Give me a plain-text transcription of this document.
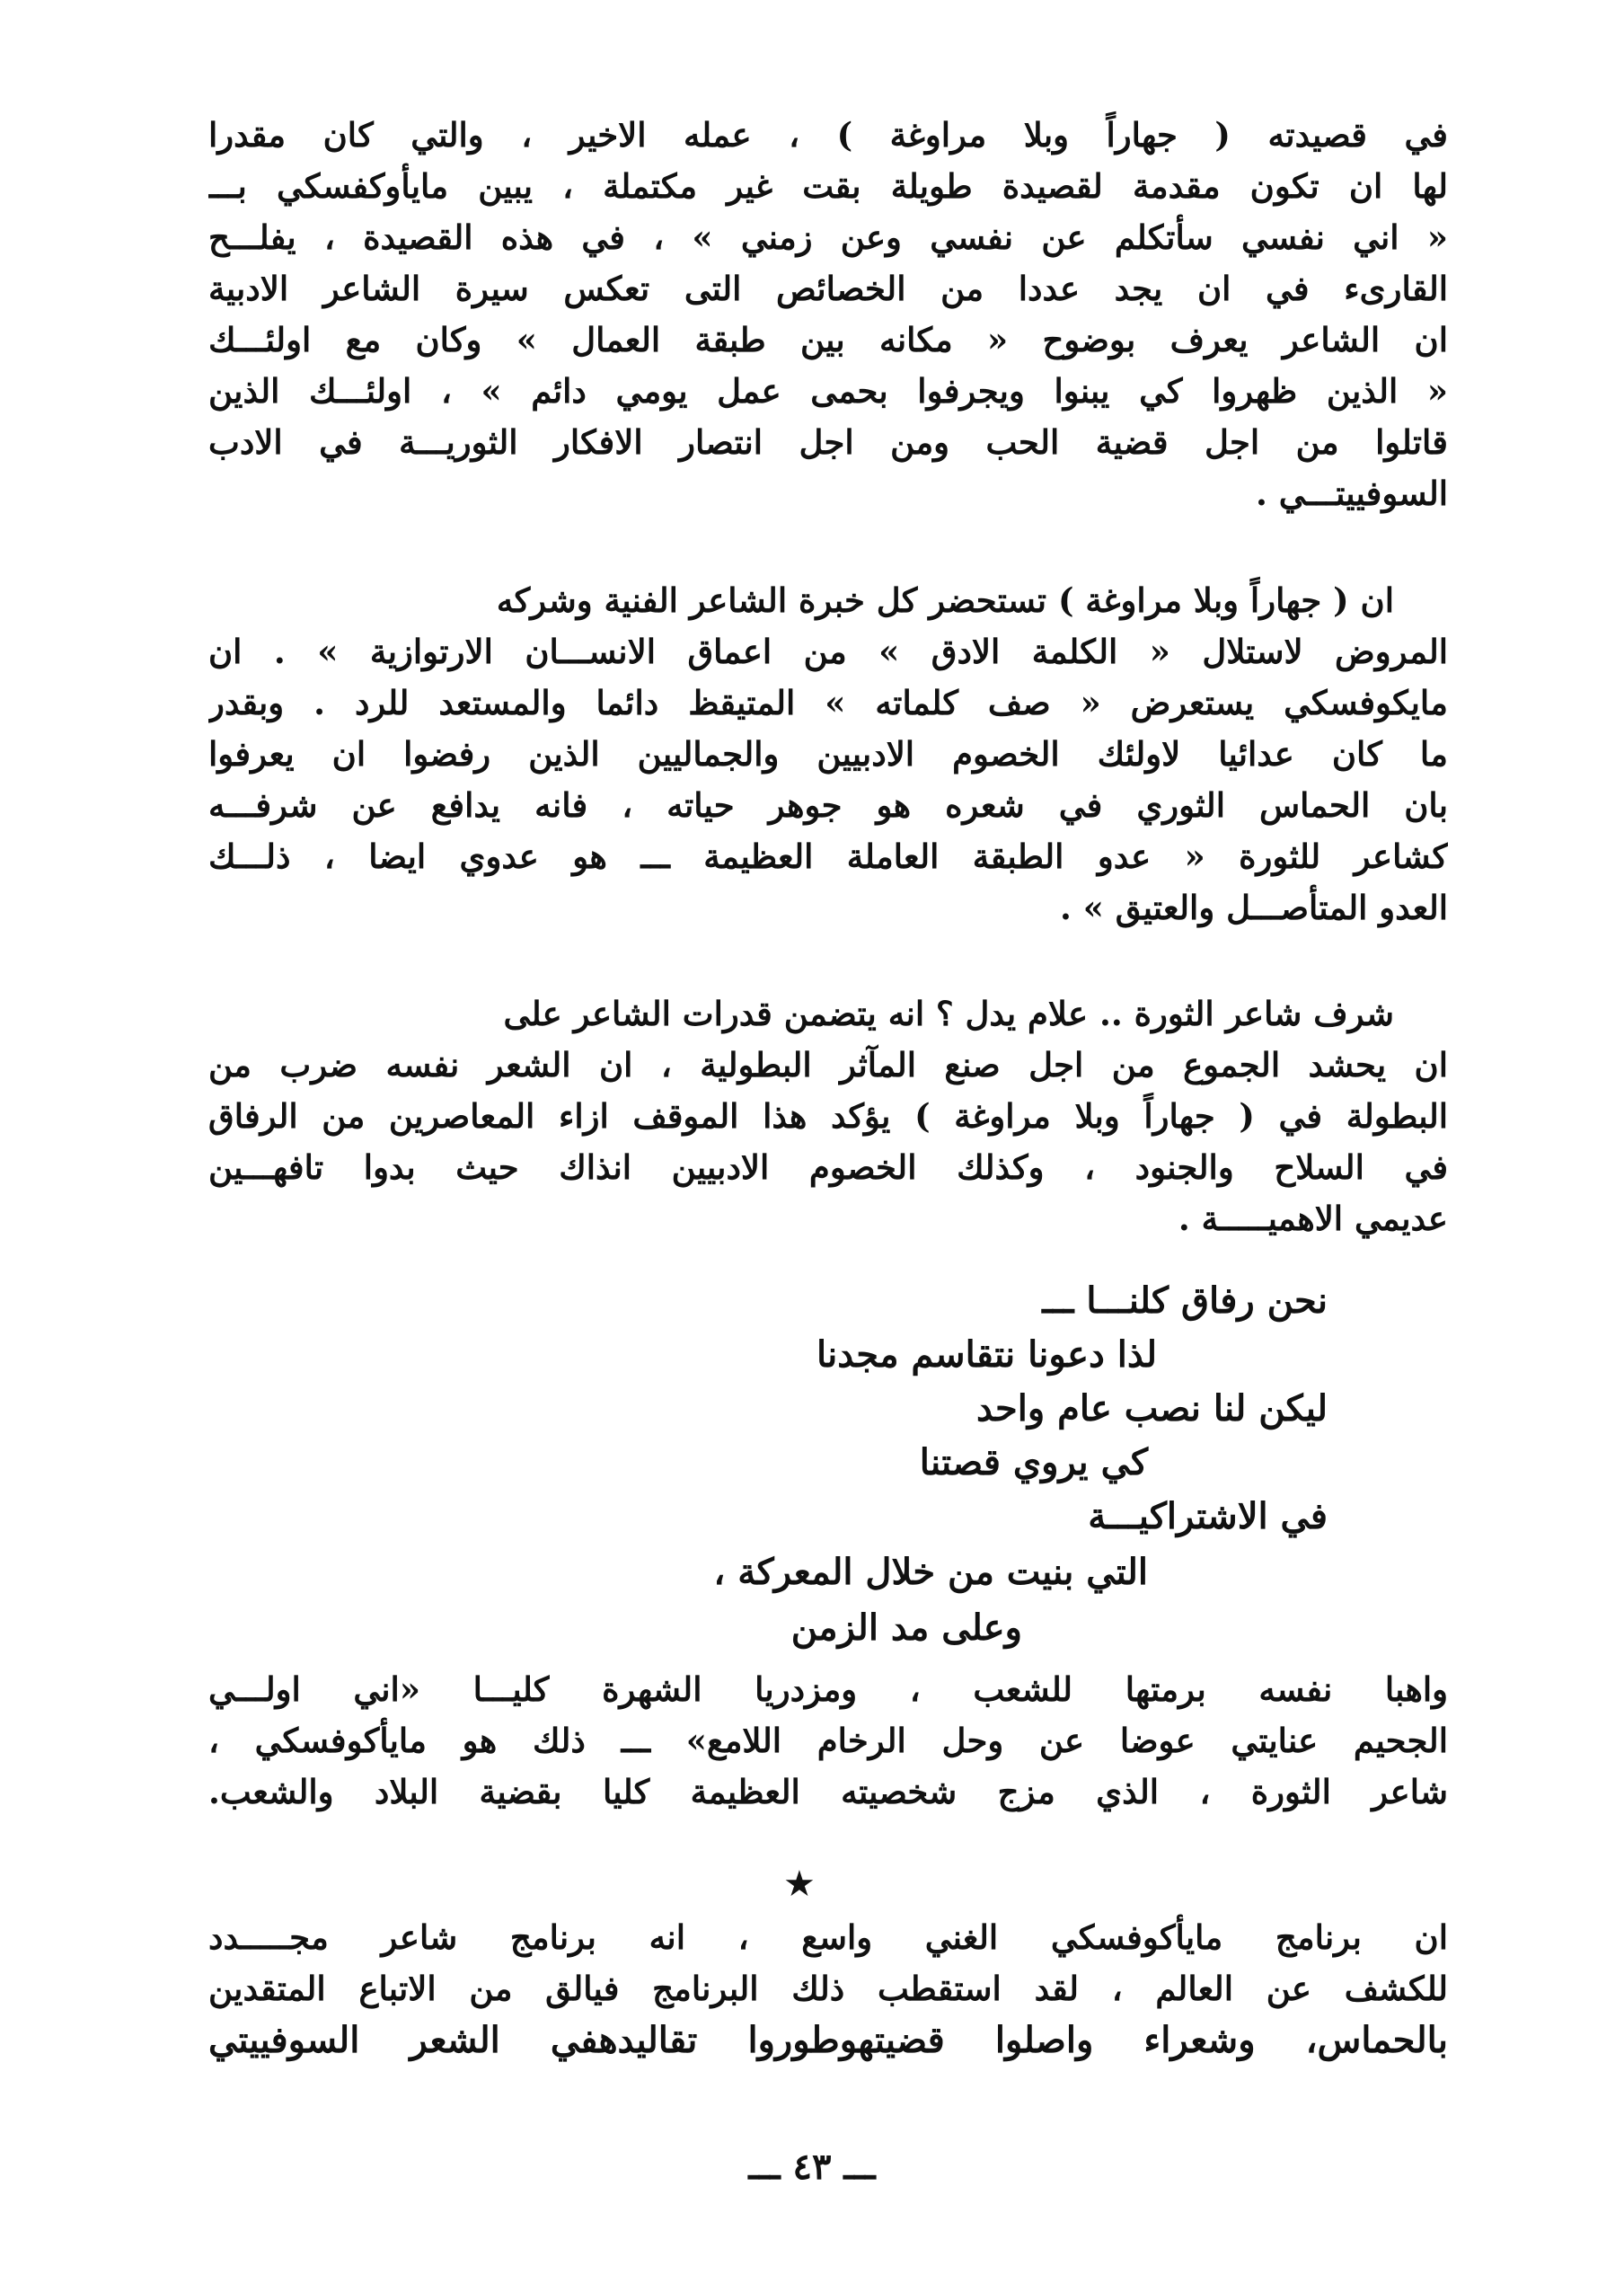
في قصيدته ( جهاراً وبلا مراوغة ) ، عمله الاخير ، والتي كان مقدرا
لها ان تكون مقدمة لقصيدة طويلة بقت غير مكتملة ، يبين مايأوكفسكي بـــ
« اني نفسي سأتكلم عن نفسي وعن زمني » ، في هذه القصيدة ، يفلـــح
القارىء في ان يجد عددا من الخصائص التى تعكس سيرة الشاعر الادبية
ان الشاعر يعرف بوضوح « مكانه بين طبقة العمال » وكان مع اولئـــك
« الذين ظهروا كي يبنوا ويجرفوا بحمى عمل يومي دائم » ، اولئـــك الذين
قاتلوا من اجل قضية الحب ومن اجل انتصار الافكار الثوريـــة في الادب
السوفييتـــي .
ان ( جهاراً وبلا مراوغة ) تستحضر كل خبرة الشاعر الفنية وشركه
المروض لاستلال « الكلمة الادق » من اعماق الانســـان الارتوازية » . ان
مايكوفسكي يستعرض « صف كلماته » المتيقظ دائما والمستعد للرد . وبقدر
ما كان عدائيا لاولئك الخصوم الادبيين والجماليين الذين رفضوا ان يعرفوا
بان الحماس الثوري في شعره هو جوهر حياته ، فانه يدافع عن شرفـــه
كشاعر للثورة « عدو الطبقة العاملة العظيمة ـــ هو عدوي ايضا ، ذلـــك
العدو المتأصـــل والعتيق » .
شرف شاعر الثورة .. علام يدل ؟ انه يتضمن قدرات الشاعر على
ان يحشد الجموع من اجل صنع المآثر البطولية ، ان الشعر نفسه ضرب من
البطولة في ( جهاراً وبلا مراوغة ) يؤكد هذا الموقف ازاء المعاصرين من الرفاق
في السلاح والجنود ، وكذلك الخصوم الادبيين انذاك حيث بدوا تافهـــين
عديمي الاهميـــــة .
نحن رفاق كلنـــا ـــ
لذا دعونا نتقاسم مجدنا
ليكن لنا نصب عام واحد
كي يروي قصتنا
في الاشتراكيـــة
التي بنيت من خلال المعركة ،
وعلى مد الزمن
واهبا نفسه برمتها للشعب ، ومزدريا الشهرة كليـــا «اني اولـــي
الجحيم عنايتي عوضا عن وحل الرخام اللامع» ـــ ذلك هو مايأكوفسكي ،
شاعر الثورة ، الذي مزج شخصيته العظيمة كليا بقضية البلاد والشعب.
★
ان برنامج مايأكوفسكي الغني واسع ، انه برنامج شاعر مجـــــدد
للكشف عن العالم ، لقد استقطب ذلك البرنامج فيالق من الاتباع المتقدين
بالحماس، وشعراء واصلوا قضيتهوطوروا تقاليدهفي الشعر السوفييتي
ـــ ٤٣ ـــ
